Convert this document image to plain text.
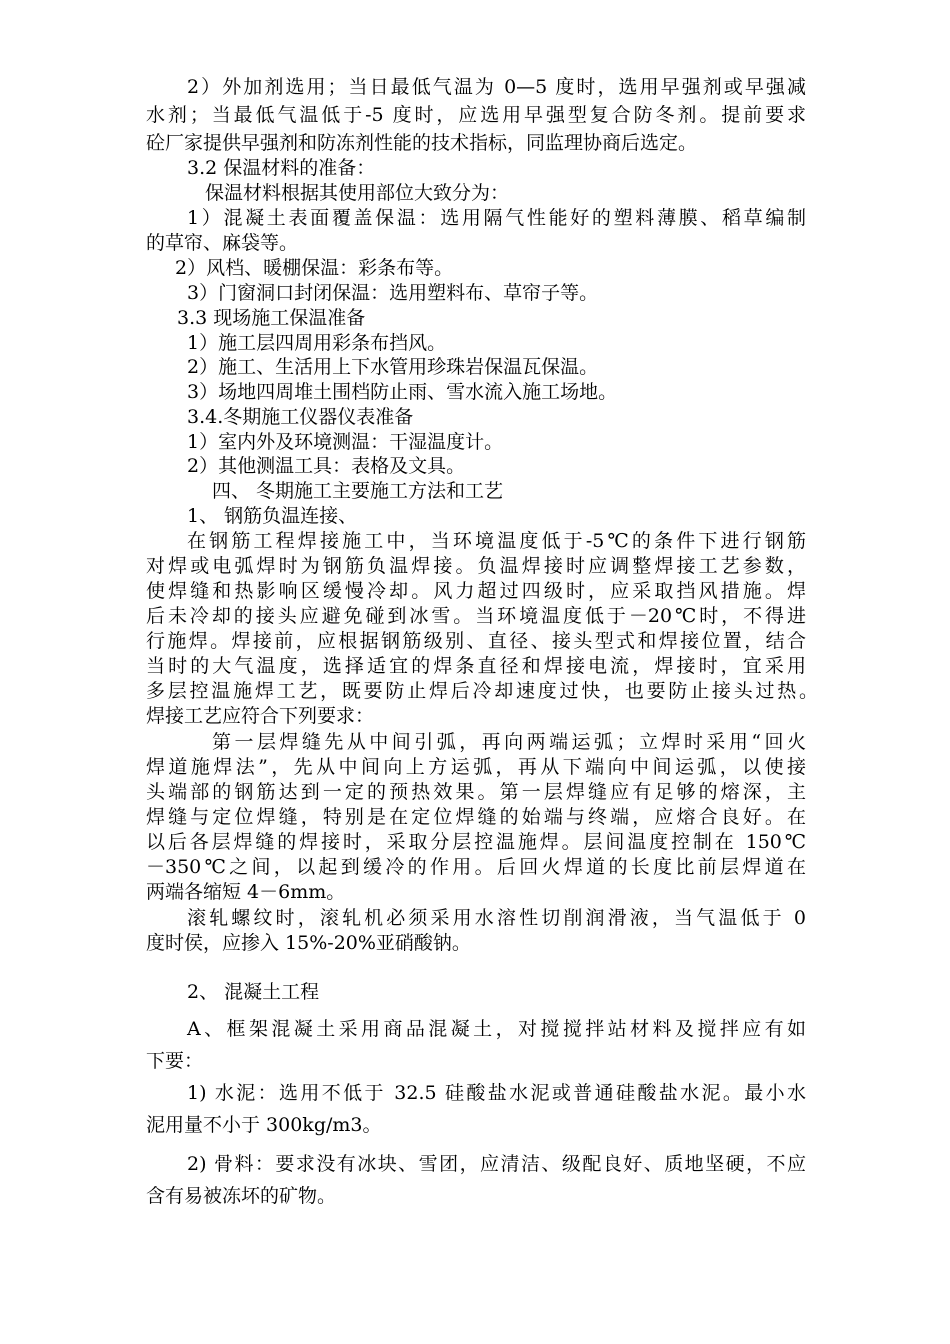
2）外加剂选用；当日最低气温为 0—5 度时，选用早强剂或早强减
水剂；当最低气温低于-5 度时，应选用早强型复合防冬剂。提前要求
砼厂家提供早强剂和防冻剂性能的技术指标，同监理协商后选定。
3.2 保温材料的准备：
保温材料根据其使用部位大致分为：
1）混凝土表面覆盖保温：选用隔气性能好的塑料薄膜、稻草编制
的草帘、麻袋等。
2）风档、暖棚保温：彩条布等。
3）门窗洞口封闭保温：选用塑料布、草帘子等。
3.3 现场施工保温准备
1）施工层四周用彩条布挡风。
2）施工、生活用上下水管用珍珠岩保温瓦保温。
3）场地四周堆土围档防止雨、雪水流入施工场地。
3.4.冬期施工仪器仪表准备
1）室内外及环境测温：干湿温度计。
2）其他测温工具：表格及文具。
四、 冬期施工主要施工方法和工艺
1、 钢筋负温连接、
在钢筋工程焊接施工中，当环境温度低于-5℃的条件下进行钢筋
对焊或电弧焊时为钢筋负温焊接。负温焊接时应调整焊接工艺参数，
使焊缝和热影响区缓慢冷却。风力超过四级时，应采取挡风措施。焊
后未冷却的接头应避免碰到冰雪。当环境温度低于－20℃时，不得进
行施焊。焊接前，应根据钢筋级别、直径、接头型式和焊接位置，结合
当时的大气温度，选择适宜的焊条直径和焊接电流，焊接时，宜采用
多层控温施焊工艺，既要防止焊后冷却速度过快，也要防止接头过热。
焊接工艺应符合下列要求：
第一层焊缝先从中间引弧，再向两端运弧；立焊时采用“回火
焊道施焊法”，先从中间向上方运弧，再从下端向中间运弧，以使接
头端部的钢筋达到一定的预热效果。第一层焊缝应有足够的熔深，主
焊缝与定位焊缝，特别是在定位焊缝的始端与终端，应熔合良好。在
以后各层焊缝的焊接时，采取分层控温施焊。层间温度控制在 150℃
－350℃之间，以起到缓冷的作用。后回火焊道的长度比前层焊道在
两端各缩短 4－6mm。
滚轧螺纹时，滚轧机必须采用水溶性切削润滑液，当气温低于 0
度时侯，应掺入 15%-20%亚硝酸钠。
2、 混凝土工程
A、框架混凝土采用商品混凝土，对搅搅拌站材料及搅拌应有如
下要：
1) 水泥：选用不低于 32.5 硅酸盐水泥或普通硅酸盐水泥。最小水
泥用量不小于 300kg/m3。
2) 骨料：要求没有冰块、雪团，应清洁、级配良好、质地坚硬，不应
含有易被冻坏的矿物。
